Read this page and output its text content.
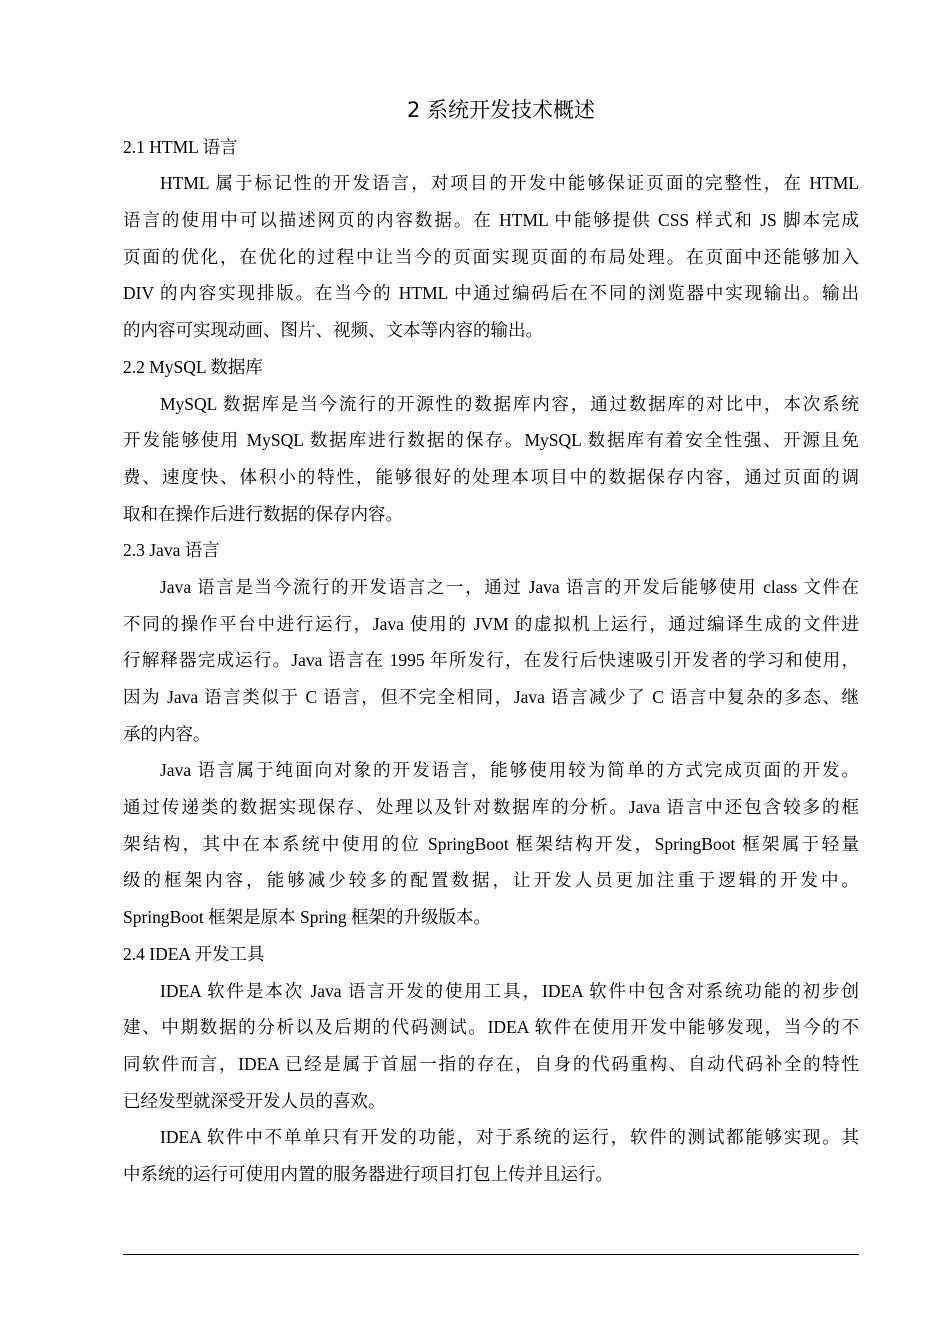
2 系统开发技术概述
2.1 HTML 语言
HTML 属于标记性的开发语言，对项目的开发中能够保证页面的完整性，在 HTML
语言的使用中可以描述网页的内容数据。在 HTML 中能够提供 CSS 样式和 JS 脚本完成
页面的优化，在优化的过程中让当今的页面实现页面的布局处理。在页面中还能够加入
DIV 的内容实现排版。在当今的 HTML 中通过编码后在不同的浏览器中实现输出。输出
的内容可实现动画、图片、视频、文本等内容的输出。
2.2 MySQL 数据库
MySQL 数据库是当今流行的开源性的数据库内容，通过数据库的对比中，本次系统
开发能够使用 MySQL 数据库进行数据的保存。MySQL 数据库有着安全性强、开源且免
费、速度快、体积小的特性，能够很好的处理本项目中的数据保存内容，通过页面的调
取和在操作后进行数据的保存内容。
2.3 Java 语言
Java 语言是当今流行的开发语言之一，通过 Java 语言的开发后能够使用 class 文件在
不同的操作平台中进行运行，Java 使用的 JVM 的虚拟机上运行，通过编译生成的文件进
行解释器完成运行。Java 语言在 1995 年所发行，在发行后快速吸引开发者的学习和使用，
因为 Java 语言类似于 C 语言，但不完全相同，Java 语言减少了 C 语言中复杂的多态、继
承的内容。
Java 语言属于纯面向对象的开发语言，能够使用较为简单的方式完成页面的开发。
通过传递类的数据实现保存、处理以及针对数据库的分析。Java 语言中还包含较多的框
架结构，其中在本系统中使用的位 SpringBoot 框架结构开发，SpringBoot 框架属于轻量
级的框架内容，能够减少较多的配置数据，让开发人员更加注重于逻辑的开发中。
SpringBoot 框架是原本 Spring 框架的升级版本。
2.4 IDEA 开发工具
IDEA 软件是本次 Java 语言开发的使用工具，IDEA 软件中包含对系统功能的初步创
建、中期数据的分析以及后期的代码测试。IDEA 软件在使用开发中能够发现，当今的不
同软件而言，IDEA 已经是属于首屈一指的存在，自身的代码重构、自动代码补全的特性
已经发型就深受开发人员的喜欢。
IDEA 软件中不单单只有开发的功能，对于系统的运行，软件的测试都能够实现。其
中系统的运行可使用内置的服务器进行项目打包上传并且运行。
